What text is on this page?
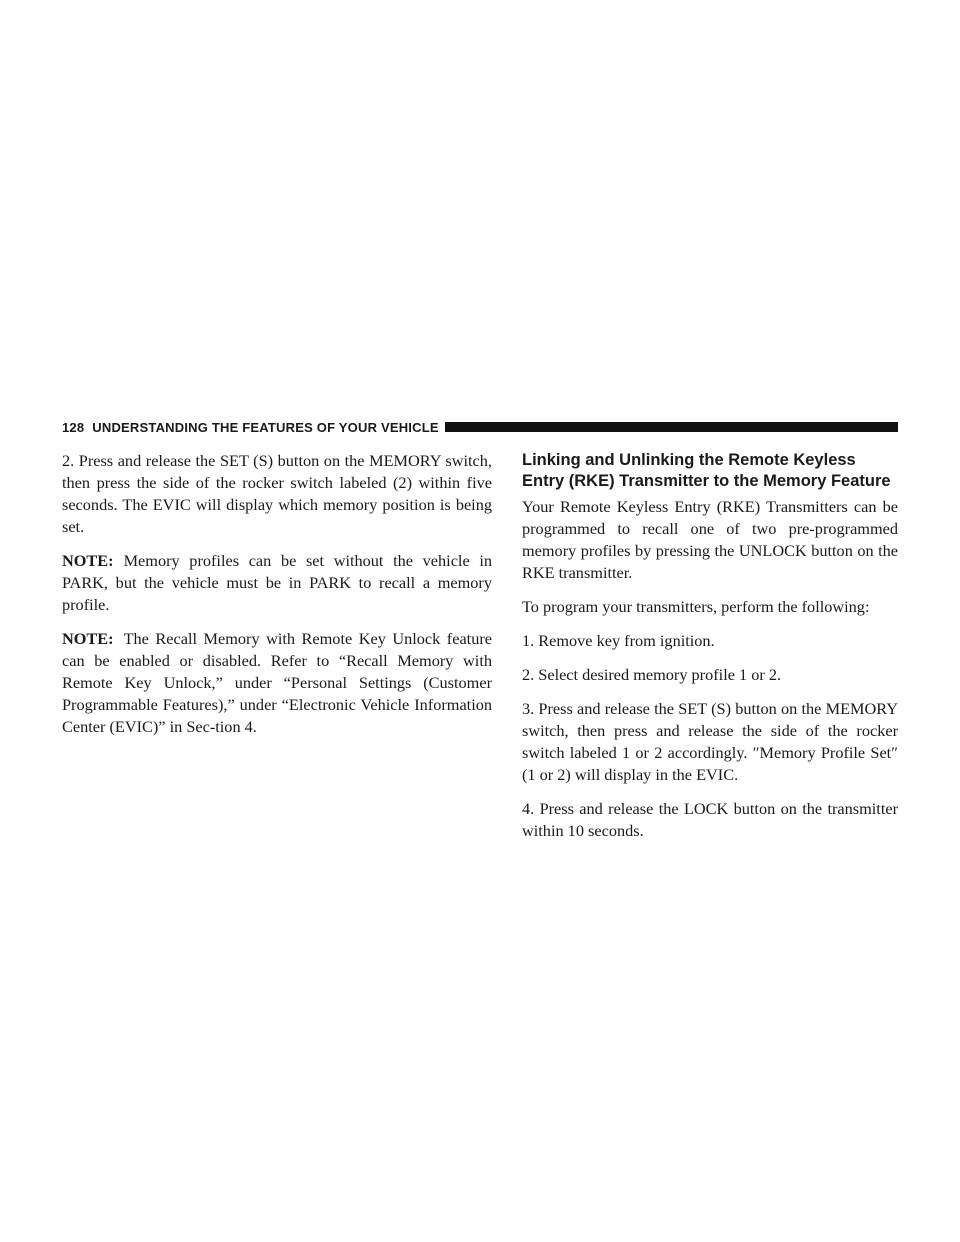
128 UNDERSTANDING THE FEATURES OF YOUR VEHICLE

2. Press and release the SET (S) button on the MEMORY switch, then press the side of the rocker switch labeled (2) within five seconds. The EVIC will display which memory position is being set.

NOTE: Memory profiles can be set without the vehicle in PARK, but the vehicle must be in PARK to recall a memory profile.

NOTE: The Recall Memory with Remote Key Unlock feature can be enabled or disabled. Refer to “Recall Memory with Remote Key Unlock,” under “Personal Settings (Customer Programmable Features),” under “Electronic Vehicle Information Center (EVIC)” in Sec-tion 4.

Linking and Unlinking the Remote Keyless Entry (RKE) Transmitter to the Memory Feature

Your Remote Keyless Entry (RKE) Transmitters can be programmed to recall one of two pre-programmed memory profiles by pressing the UNLOCK button on the RKE transmitter.

To program your transmitters, perform the following:

1. Remove key from ignition.

2. Select desired memory profile 1 or 2.

3. Press and release the SET (S) button on the MEMORY switch, then press and release the side of the rocker switch labeled 1 or 2 accordingly. ″Memory Profile Set″ (1 or 2) will display in the EVIC.

4. Press and release the LOCK button on the transmitter within 10 seconds.
